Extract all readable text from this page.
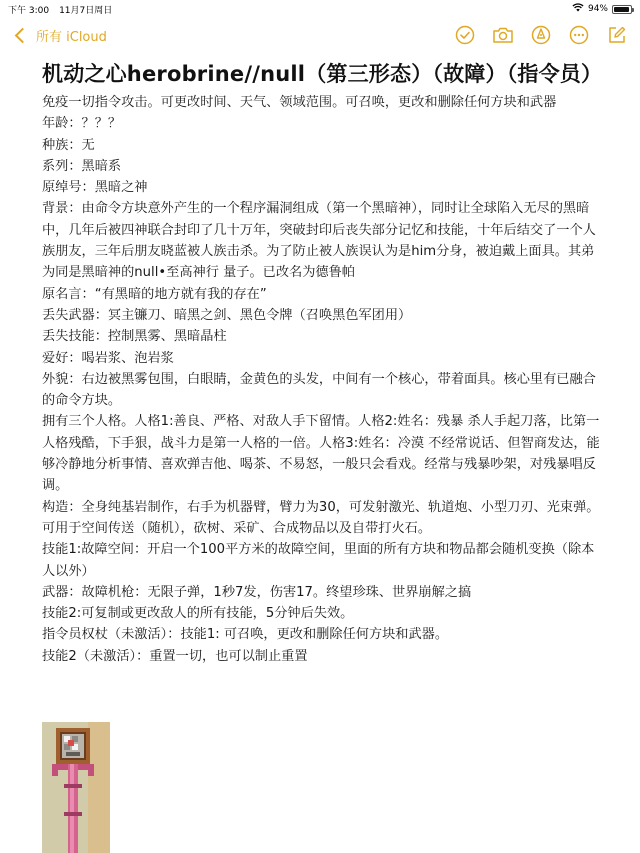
下午 3:00 11月7日周日	94%
所有 iCloud
机动之心herobrine//null（第三形态）（故障）（指令员）

免疫一切指令攻击。可更改时间、天气、领域范围。可召唤，更改和删除任何方块和武器

年龄：？？？

种族：无

系列：黑暗系

原绰号：黑暗之神

背景：由命令方块意外产生的一个程序漏洞组成（第一个黑暗神），同时让全球陷入无尽的黑暗中，几年后被四神联合封印了几十万年，突破封印后丧失部分记忆和技能，十年后结交了一个人族朋友，三年后朋友晓蓝被人族击杀。为了防止被人族误认为是him分身，被迫戴上面具。其弟为同是黑暗神的null•至高神行 量子。已改名为德鲁帕

原名言：“有黑暗的地方就有我的存在”

丢失武器：冥主镰刀、暗黑之剑、黑色令牌（召唤黑色军团用）

丢失技能：控制黑雾、黑暗晶柱

爱好：喝岩浆、泡岩浆

外貌：右边被黑雾包围，白眼睛，金黄色的头发，中间有一个核心，带着面具。核心里有已融合的命令方块。

拥有三个人格。人格1:善良、严格、对敌人手下留情。人格2:姓名：残暴 杀人手起刀落，比第一人格残酷，下手狠，战斗力是第一人格的一倍。人格3:姓名：冷漠 不经常说话、但智商发达，能够冷静地分析事情、喜欢弹吉他、喝茶、不易怒，一般只会看戏。经常与残暴吵架，对残暴唱反调。

构造：全身纯基岩制作，右手为机器臂，臂力为30，可发射激光、轨道炮、小型刀刃、光束弹。可用于空间传送（随机），砍树、采矿、合成物品以及自带打火石。

技能1:故障空间：开启一个100平方米的故障空间，里面的所有方块和物品都会随机变换（除本人以外）

武器：故障机枪：无限子弹，1秒7发，伤害17。终望珍珠、世界崩解之搞

技能2:可复制或更改敌人的所有技能，5分钟后失效。

指令员权杖（未激活）：技能1: 可召唤，更改和删除任何方块和武器。

技能2（未激活）：重置一切，也可以制止重置
